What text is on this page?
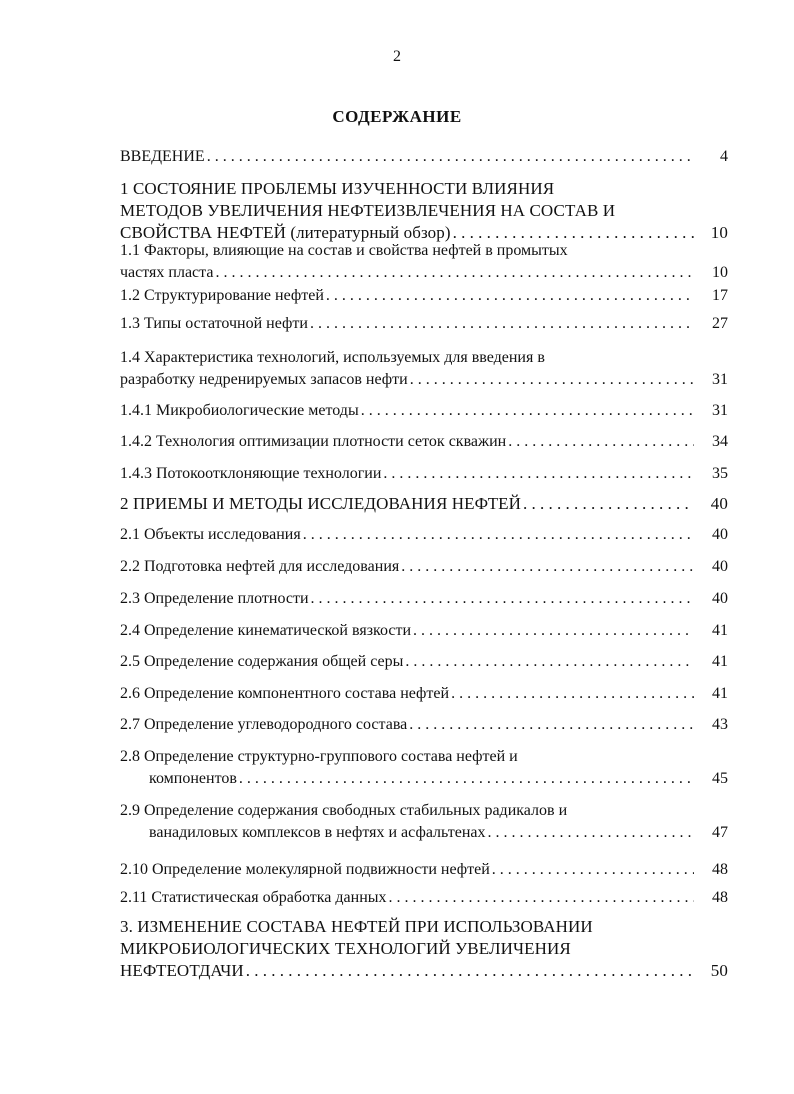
2
СОДЕРЖАНИЕ
ВВЕДЕНИЕ . . .	4
1 СОСТОЯНИЕ ПРОБЛЕМЫ ИЗУЧЕННОСТИ ВЛИЯНИЯ
МЕТОДОВ УВЕЛИЧЕНИЯ НЕФТЕИЗВЛЕЧЕНИЯ НА СОСТАВ И
СВОЙСТВА НЕФТЕЙ (литературный обзор) . . .	10
1.1 Факторы, влияющие на состав и свойства нефтей в промытых
частях пласта . . .	10
1.2 Структурирование нефтей . . .	17
1.3 Типы остаточной нефти . . .	27
1.4 Характеристика технологий, используемых для введения в
разработку недренируемых запасов нефти . . .	31
1.4.1 Микробиологические методы . . .	31
1.4.2 Технология оптимизации плотности сеток скважин . . .	34
1.4.3 Потокоотклоняющие технологии . . .	35
2 ПРИЕМЫ И МЕТОДЫ ИССЛЕДОВАНИЯ НЕФТЕЙ . . .	40
2.1 Объекты исследования . . .	40
2.2 Подготовка нефтей для исследования . . .	40
2.3 Определение плотности . . .	40
2.4 Определение кинематической вязкости . . .	41
2.5 Определение содержания общей серы . . .	41
2.6 Определение компонентного состава нефтей . . .	41
2.7 Определение углеводородного состава . . .	43
2.8 Определение структурно-группового состава нефтей и
компонентов . . .	45
2.9 Определение содержания свободных стабильных радикалов и
ванадиловых комплексов в нефтях и асфальтенах . . .	47
2.10 Определение молекулярной подвижности нефтей . . .	48
2.11 Статистическая обработка данных . . .	48
3. ИЗМЕНЕНИЕ СОСТАВА НЕФТЕЙ ПРИ ИСПОЛЬЗОВАНИИ
МИКРОБИОЛОГИЧЕСКИХ ТЕХНОЛОГИЙ УВЕЛИЧЕНИЯ
НЕФТЕОТДАЧИ . . .	50
